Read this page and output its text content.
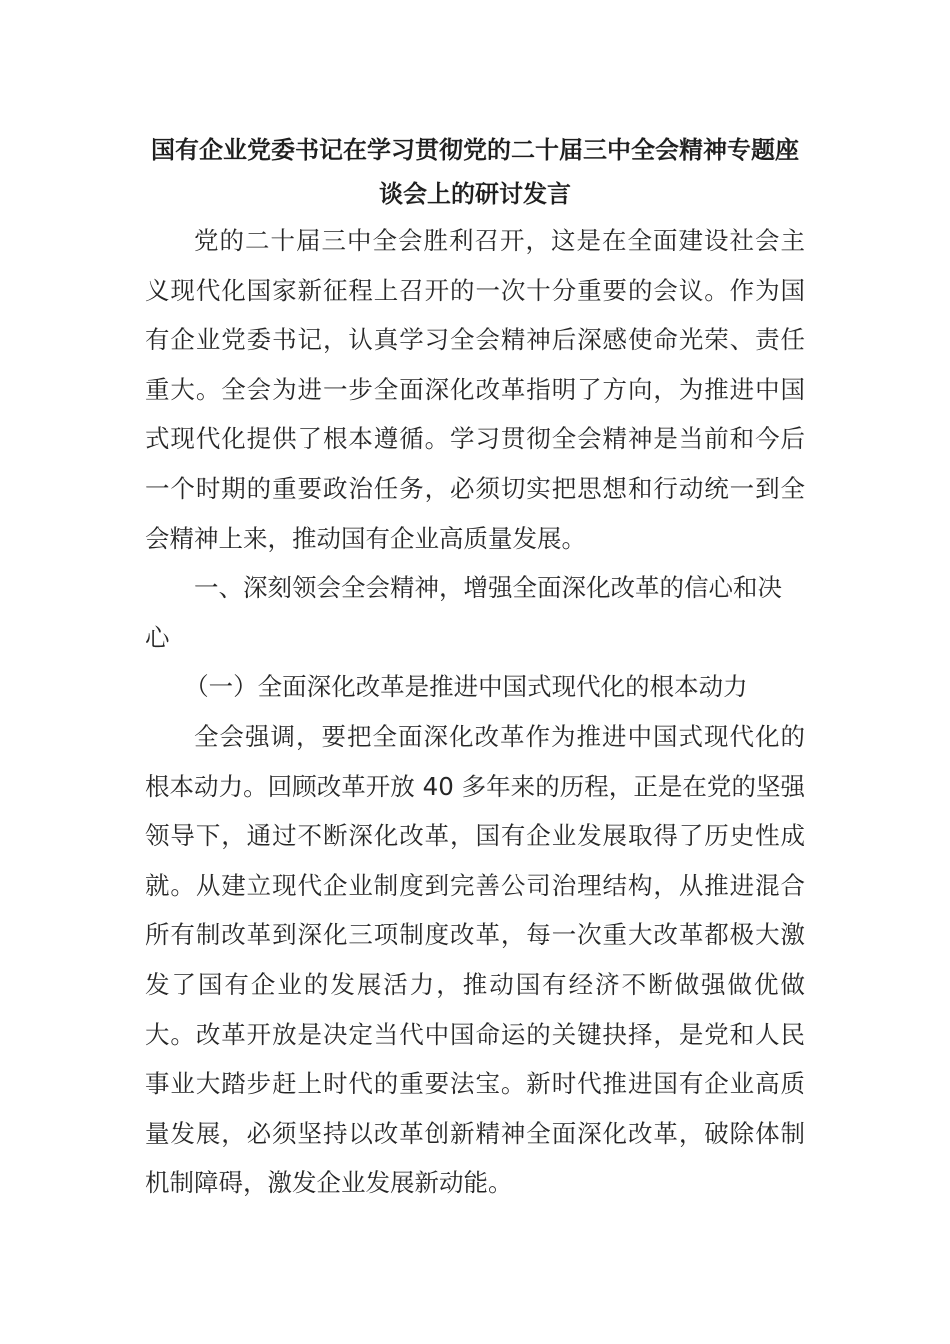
国有企业党委书记在学习贯彻党的二十届三中全会精神专题座谈会上的研讨发言

党的二十届三中全会胜利召开，这是在全面建设社会主义现代化国家新征程上召开的一次十分重要的会议。作为国有企业党委书记，认真学习全会精神后深感使命光荣、责任重大。全会为进一步全面深化改革指明了方向，为推进中国式现代化提供了根本遵循。学习贯彻全会精神是当前和今后一个时期的重要政治任务，必须切实把思想和行动统一到全会精神上来，推动国有企业高质量发展。

一、深刻领会全会精神，增强全面深化改革的信心和决心

（一）全面深化改革是推进中国式现代化的根本动力

全会强调，要把全面深化改革作为推进中国式现代化的根本动力。回顾改革开放 40 多年来的历程，正是在党的坚强领导下，通过不断深化改革，国有企业发展取得了历史性成就。从建立现代企业制度到完善公司治理结构，从推进混合所有制改革到深化三项制度改革，每一次重大改革都极大激发了国有企业的发展活力，推动国有经济不断做强做优做大。改革开放是决定当代中国命运的关键抉择，是党和人民事业大踏步赶上时代的重要法宝。新时代推进国有企业高质量发展，必须坚持以改革创新精神全面深化改革，破除体制机制障碍，激发企业发展新动能。
